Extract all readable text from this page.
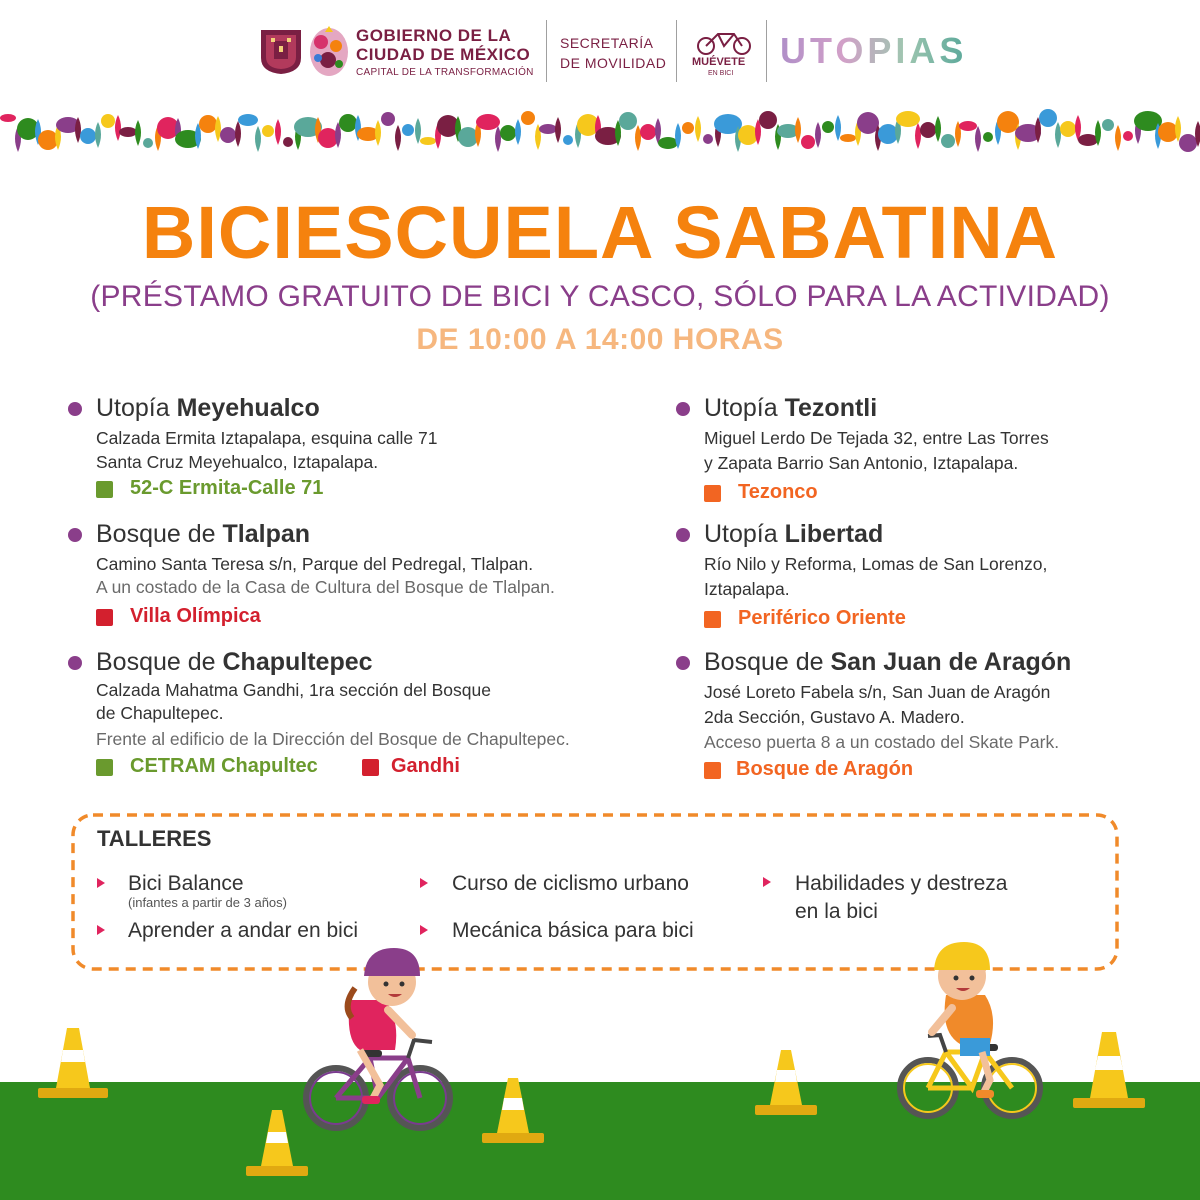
GOBIERNO DE LA
CIUDAD DE MÉXICO
CAPITAL DE LA TRANSFORMACIÓN
SECRETARÍA
DE MOVILIDAD MUÉVETE
EN BICI
UTOPIAS
BICIESCUELA SABATINA
(PRÉSTAMO GRATUITO DE BICI Y CASCO, SÓLO PARA LA ACTIVIDAD)
DE 10:00 A 14:00 HORAS
Utopía Meyehualco
Calzada Ermita Iztapalapa, esquina calle 71
Santa Cruz Meyehualco, Iztapalapa.
52-C Ermita-Calle 71
Bosque de Tlalpan
Camino Santa Teresa s/n, Parque del Pedregal, Tlalpan.
A un costado de la Casa de Cultura del Bosque de Tlalpan.
Villa Olímpica
Bosque de Chapultepec
Calzada Mahatma Gandhi, 1ra sección del Bosque
de Chapultepec.
Frente al edificio de la Dirección del Bosque de Chapultepec.
CETRAM Chapultec	Gandhi
Utopía Tezontli
Miguel Lerdo De Tejada 32, entre Las Torres
y Zapata Barrio San Antonio, Iztapalapa.
Tezonco
Utopía Libertad
Río Nilo y Reforma, Lomas de San Lorenzo,
Iztapalapa.
Periférico Oriente
Bosque de San Juan de Aragón
José Loreto Fabela s/n, San Juan de Aragón
2da Sección, Gustavo A. Madero.
Acceso puerta 8 a un costado del Skate Park.
Bosque de Aragón
TALLERES
Bici Balance
(infantes a partir de 3 años)
Aprender a andar en bici
Curso de ciclismo urbano
Mecánica básica para bici
Habilidades y destreza
en la bici
